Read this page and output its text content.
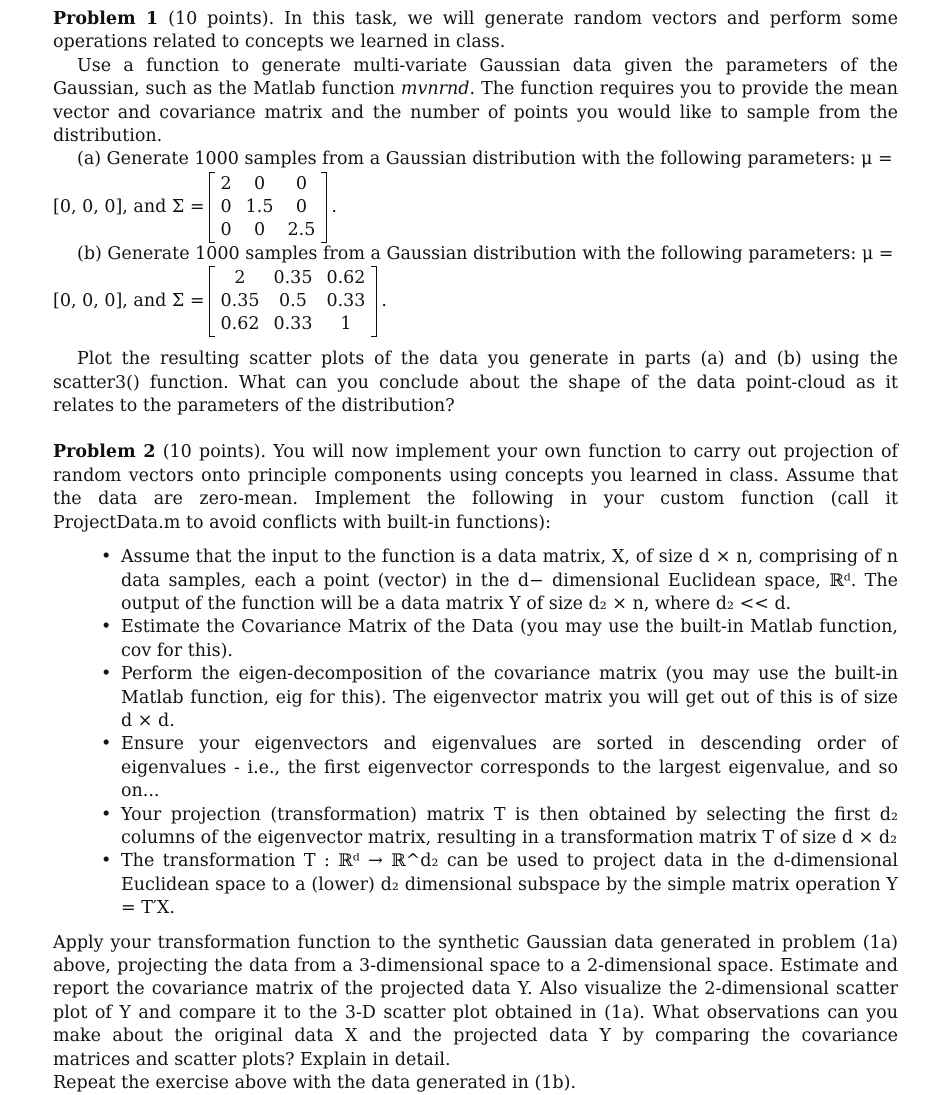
Problem 1 (10 points). In this task, we will generate random vectors and perform some operations related to concepts we learned in class.

Use a function to generate multi-variate Gaussian data given the parameters of the Gaussian, such as the Matlab function mvnrnd. The function requires you to provide the mean vector and covariance matrix and the number of points you would like to sample from the distribution.

(a) Generate 1000 samples from a Gaussian distribution with the following parameters: μ =

[0, 0, 0], and Σ =
2	0	0
0	1.5	0
0	0	2.5
.

(b) Generate 1000 samples from a Gaussian distribution with the following parameters: μ =

[0, 0, 0], and Σ =
2	0.35	0.62
0.35	0.5	0.33
0.62	0.33	1
.

Plot the resulting scatter plots of the data you generate in parts (a) and (b) using the scatter3() function. What can you conclude about the shape of the data point-cloud as it relates to the parameters of the distribution?

Problem 2 (10 points). You will now implement your own function to carry out projection of random vectors onto principle components using concepts you learned in class. Assume that the data are zero-mean. Implement the following in your custom function (call it ProjectData.m to avoid conflicts with built-in functions):

• Assume that the input to the function is a data matrix, X, of size d × n, comprising of n data samples, each a point (vector) in the d− dimensional Euclidean space, ℝᵈ. The output of the function will be a data matrix Y of size d₂ × n, where d₂ << d.
• Estimate the Covariance Matrix of the Data (you may use the built-in Matlab function, cov for this).
• Perform the eigen-decomposition of the covariance matrix (you may use the built-in Matlab function, eig for this). The eigenvector matrix you will get out of this is of size d × d.
• Ensure your eigenvectors and eigenvalues are sorted in descending order of eigenvalues - i.e., the first eigenvector corresponds to the largest eigenvalue, and so on...
• Your projection (transformation) matrix T is then obtained by selecting the first d₂ columns of the eigenvector matrix, resulting in a transformation matrix T of size d × d₂
• The transformation T : ℝᵈ → ℝ^d₂ can be used to project data in the d-dimensional Euclidean space to a (lower) d₂ dimensional subspace by the simple matrix operation Y = T′X.

Apply your transformation function to the synthetic Gaussian data generated in problem (1a) above, projecting the data from a 3-dimensional space to a 2-dimensional space. Estimate and report the covariance matrix of the projected data Y. Also visualize the 2-dimensional scatter plot of Y and compare it to the 3-D scatter plot obtained in (1a). What observations can you make about the original data X and the projected data Y by comparing the covariance matrices and scatter plots? Explain in detail.

Repeat the exercise above with the data generated in (1b).
